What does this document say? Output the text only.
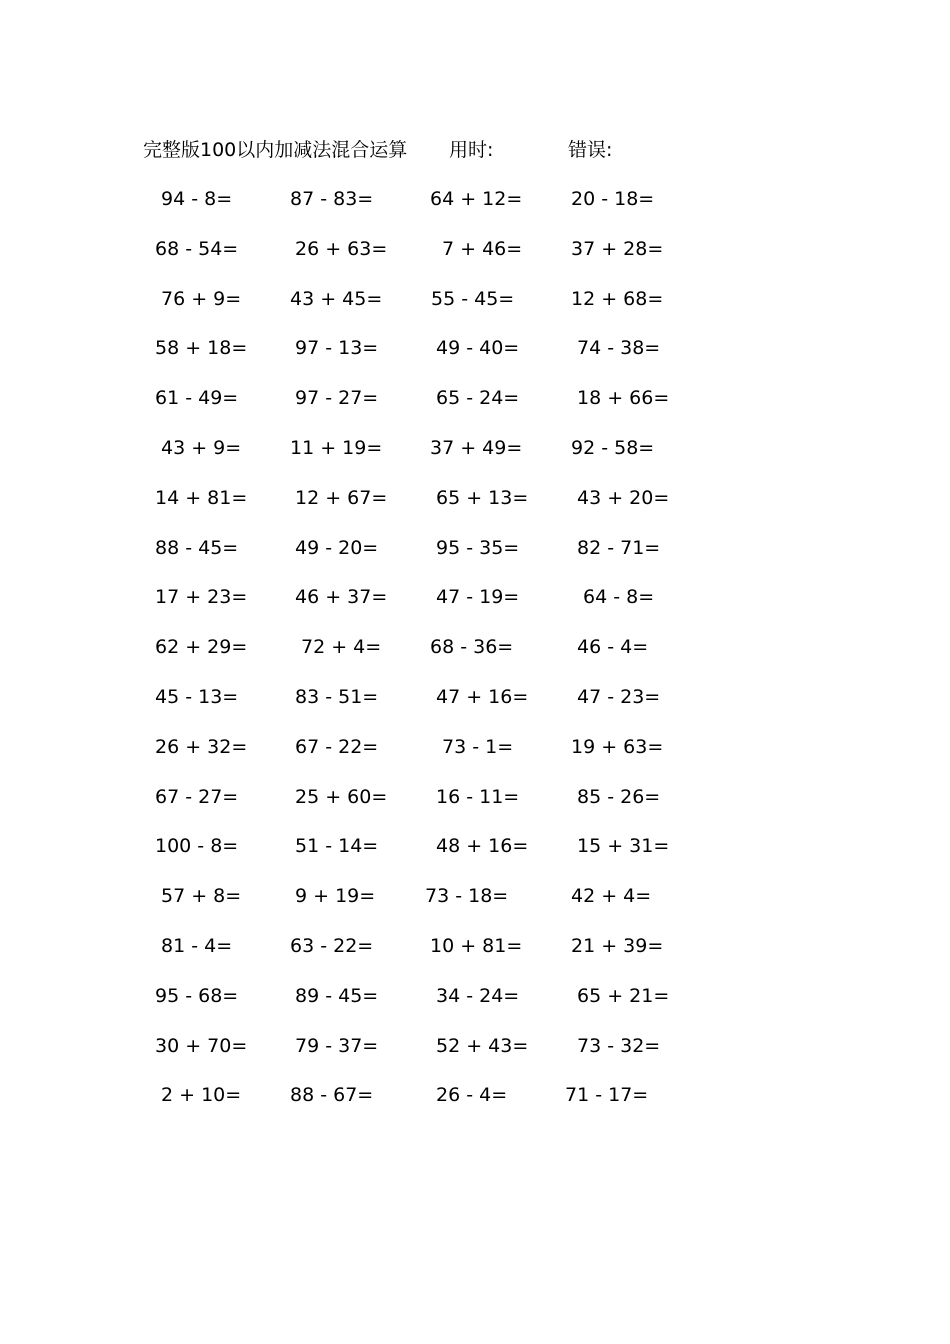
完整版100以内加减法混合运算 用时:	错误:
94 - 8=	87 - 83=	64 + 12=	20 - 18=
68 - 54=	26 + 63=	7 + 46=	37 + 28=
76 + 9=	43 + 45=	55 - 45=	12 + 68=
58 + 18=	97 - 13=	49 - 40=	74 - 38=
61 - 49=	97 - 27=	65 - 24=	18 + 66=
43 + 9=	11 + 19=	37 + 49=	92 - 58=
14 + 81=	12 + 67=	65 + 13=	43 + 20=
88 - 45=	49 - 20=	95 - 35=	82 - 71=
17 + 23=	46 + 37=	47 - 19=	64 - 8=
62 + 29=	72 + 4=	68 - 36=	46 - 4=
45 - 13=	83 - 51=	47 + 16=	47 - 23=
26 + 32=	67 - 22=	73 - 1=	19 + 63=
67 - 27=	25 + 60=	16 - 11=	85 - 26=
100 - 8=	51 - 14=	48 + 16=	15 + 31=
57 + 8=	9 + 19=	73 - 18=	42 + 4=
81 - 4=	63 - 22=	10 + 81=	21 + 39=
95 - 68=	89 - 45=	34 - 24=	65 + 21=
30 + 70=	79 - 37=	52 + 43=	73 - 32=
2 + 10=	88 - 67=	26 - 4=	71 - 17=
